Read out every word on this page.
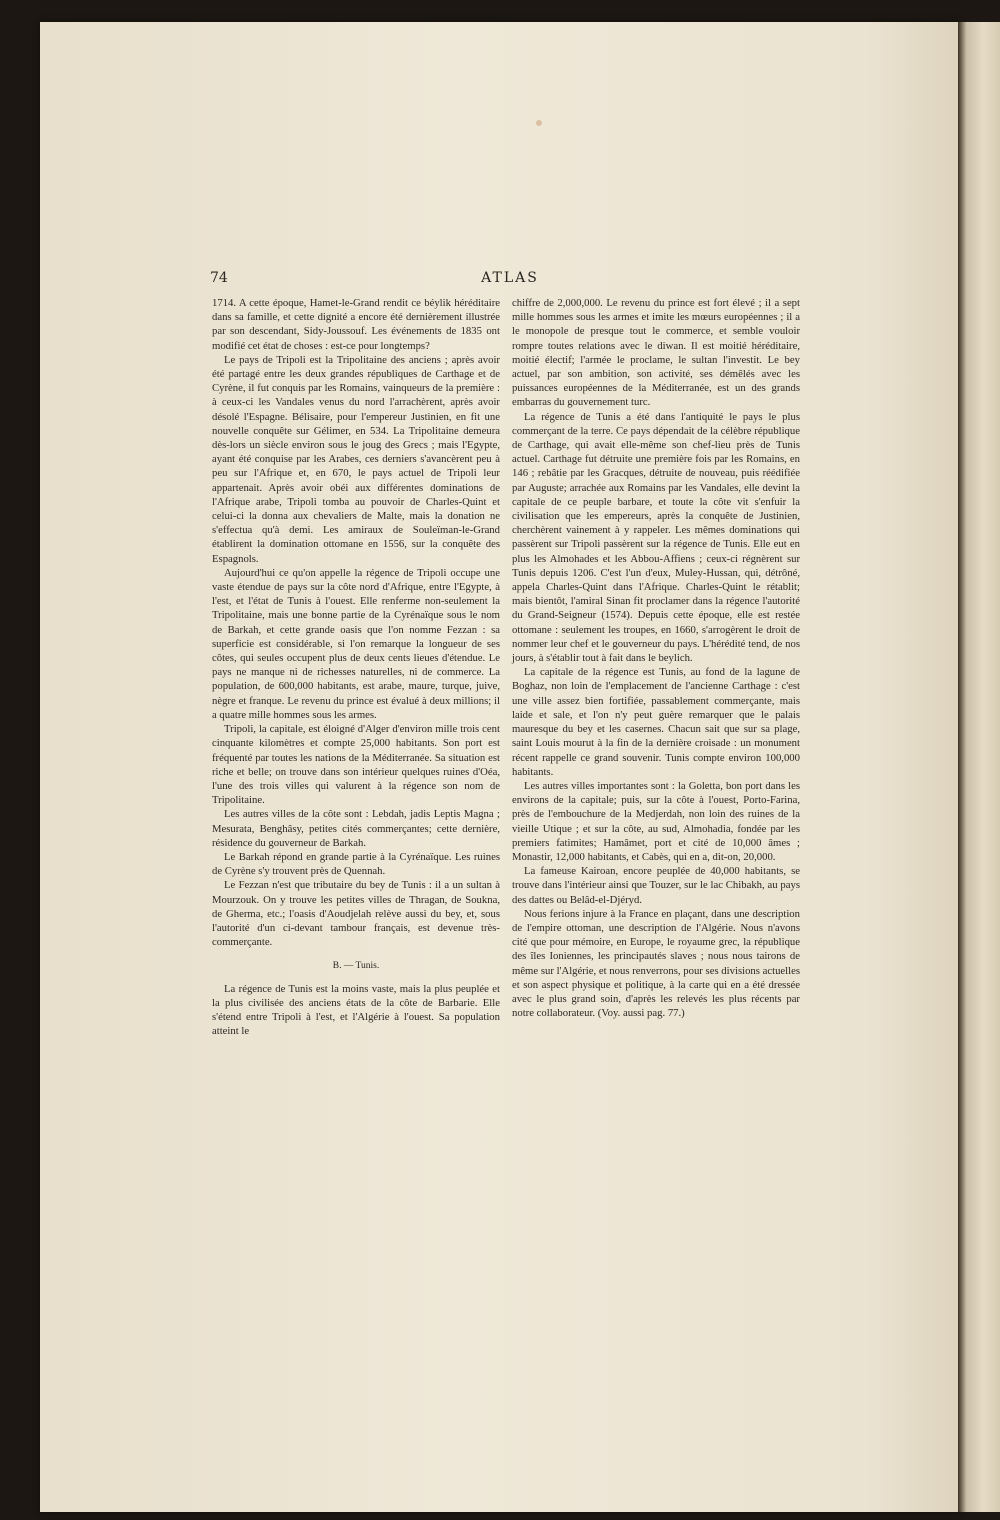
74	ATLAS

1714. A cette époque, Hamet-le-Grand rendit ce béylik héréditaire dans sa famille, et cette dignité a encore été dernièrement illustrée par son descendant, Sidy-Joussouf. Les événements de 1835 ont modifié cet état de choses : est-ce pour longtemps?

Le pays de Tripoli est la Tripolitaine des anciens ; après avoir été partagé entre les deux grandes républiques de Carthage et de Cyrène, il fut conquis par les Romains, vainqueurs de la première : à ceux-ci les Vandales venus du nord l'arrachèrent, après avoir désolé l'Espagne. Bélisaire, pour l'empereur Justinien, en fit une nouvelle conquête sur Gélimer, en 534. La Tripolitaine demeura dès-lors un siècle environ sous le joug des Grecs ; mais l'Egypte, ayant été conquise par les Arabes, ces derniers s'avancèrent peu à peu sur l'Afrique et, en 670, le pays actuel de Tripoli leur appartenait. Après avoir obéi aux différentes dominations de l'Afrique arabe, Tripoli tomba au pouvoir de Charles-Quint et celui-ci la donna aux chevaliers de Malte, mais la donation ne s'effectua qu'à demi. Les amiraux de Souleïman-le-Grand établirent la domination ottomane en 1556, sur la conquête des Espagnols.

Aujourd'hui ce qu'on appelle la régence de Tripoli occupe une vaste étendue de pays sur la côte nord d'Afrique, entre l'Egypte, à l'est, et l'état de Tunis à l'ouest. Elle renferme non-seulement la Tripolitaine, mais une bonne partie de la Cyrénaïque sous le nom de Barkah, et cette grande oasis que l'on nomme Fezzan : sa superficie est considérable, si l'on remarque la longueur de ses côtes, qui seules occupent plus de deux cents lieues d'étendue. Le pays ne manque ni de richesses naturelles, ni de commerce. La population, de 600,000 habitants, est arabe, maure, turque, juive, nègre et franque. Le revenu du prince est évalué à deux millions; il a quatre mille hommes sous les armes.

Tripoli, la capitale, est éloigné d'Alger d'environ mille trois cent cinquante kilomètres et compte 25,000 habitants. Son port est fréquenté par toutes les nations de la Méditerranée. Sa situation est riche et belle; on trouve dans son intérieur quelques ruines d'Oéa, l'une des trois villes qui valurent à la régence son nom de Tripolitaine.

Les autres villes de la côte sont : Lebdah, jadis Leptis Magna ; Mesurata, Benghâsy, petites cités commerçantes; cette dernière, résidence du gouverneur de Barkah.

Le Barkah répond en grande partie à la Cyrénaïque. Les ruines de Cyrène s'y trouvent près de Quennah.

Le Fezzan n'est que tributaire du bey de Tunis : il a un sultan à Mourzouk. On y trouve les petites villes de Thragan, de Soukna, de Gherma, etc.; l'oasis d'Aoudjelah relève aussi du bey, et, sous l'autorité d'un ci-devant tambour français, est devenue très-commerçante.

B. — Tunis.

La régence de Tunis est la moins vaste, mais la plus peuplée et la plus civilisée des anciens états de la côte de Barbarie. Elle s'étend entre Tripoli à l'est, et l'Algérie à l'ouest. Sa population atteint le

chiffre de 2,000,000. Le revenu du prince est fort élevé ; il a sept mille hommes sous les armes et imite les mœurs européennes ; il a le monopole de presque tout le commerce, et semble vouloir rompre toutes relations avec le diwan. Il est moitié héréditaire, moitié électif; l'armée le proclame, le sultan l'investit. Le bey actuel, par son ambition, son activité, ses démêlés avec les puissances européennes de la Méditerranée, est un des grands embarras du gouvernement turc.

La régence de Tunis a été dans l'antiquité le pays le plus commerçant de la terre. Ce pays dépendait de la célèbre république de Carthage, qui avait elle-même son chef-lieu près de Tunis actuel. Carthage fut détruite une première fois par les Romains, en 146 ; rebâtie par les Gracques, détruite de nouveau, puis réédifiée par Auguste; arrachée aux Romains par les Vandales, elle devint la capitale de ce peuple barbare, et toute la côte vit s'enfuir la civilisation que les empereurs, après la conquête de Justinien, cherchèrent vainement à y rappeler. Les mêmes dominations qui passèrent sur Tripoli passèrent sur la régence de Tunis. Elle eut en plus les Almohades et les Abbou-Affiens ; ceux-ci régnèrent sur Tunis depuis 1206. C'est l'un d'eux, Muley-Hussan, qui, détrôné, appela Charles-Quint dans l'Afrique. Charles-Quint le rétablit; mais bientôt, l'amiral Sinan fit proclamer dans la régence l'autorité du Grand-Seigneur (1574). Depuis cette époque, elle est restée ottomane : seulement les troupes, en 1660, s'arrogèrent le droit de nommer leur chef et le gouverneur du pays. L'hérédité tend, de nos jours, à s'établir tout à fait dans le beylich.

La capitale de la régence est Tunis, au fond de la lagune de Boghaz, non loin de l'emplacement de l'ancienne Carthage : c'est une ville assez bien fortifiée, passablement commerçante, mais laide et sale, et l'on n'y peut guère remarquer que le palais mauresque du bey et les casernes. Chacun sait que sur sa plage, saint Louis mourut à la fin de la dernière croisade : un monument récent rappelle ce grand souvenir. Tunis compte environ 100,000 habitants.

Les autres villes importantes sont : la Goletta, bon port dans les environs de la capitale; puis, sur la côte à l'ouest, Porto-Farina, près de l'embouchure de la Medjerdah, non loin des ruines de la vieille Utique ; et sur la côte, au sud, Almohadia, fondée par les premiers fatimites; Hamâmet, port et cité de 10,000 âmes ; Monastir, 12,000 habitants, et Cabès, qui en a, dit-on, 20,000.

La fameuse Kairoan, encore peuplée de 40,000 habitants, se trouve dans l'intérieur ainsi que Touzer, sur le lac Chibakh, au pays des dattes ou Belâd-el-Djéryd.

Nous ferions injure à la France en plaçant, dans une description de l'empire ottoman, une description de l'Algérie. Nous n'avons cité que pour mémoire, en Europe, le royaume grec, la république des îles Ioniennes, les principautés slaves ; nous nous tairons de même sur l'Algérie, et nous renverrons, pour ses divisions actuelles et son aspect physique et politique, à la carte qui en a été dressée avec le plus grand soin, d'après les relevés les plus récents par notre collaborateur. (Voy. aussi pag. 77.)
